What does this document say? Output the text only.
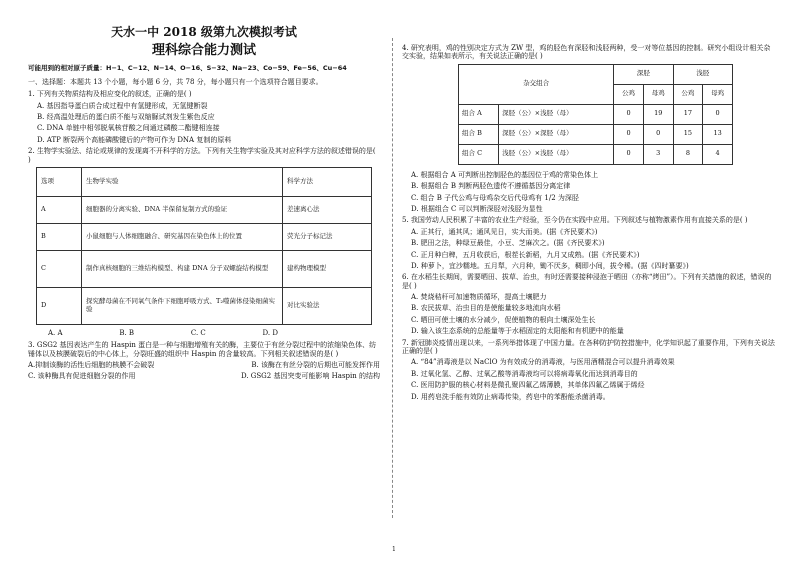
天水一中 2018 级第九次模拟考试
理科综合能力测试
可能用到的相对原子质量：H−1、C−12、N−14、O−16、S−32、Na−23、Co−59、Fe−56、Cu−64

一、选择题：本题共 13 个小题，每小题 6 分，共 78 分，每小题只有一个选项符合题目要求。

1. 下列有关物质结构及相应变化的叙述，正确的是( )

A. 基因指导蛋白质合成过程中有氢键形成，无氢键断裂

B. 经高温处理后的蛋白质不能与双缩脲试剂发生紫色反应

C. DNA 单链中相邻脱氧核苷酸之间通过磷酸二酯键相连接

D. ATP 断裂两个高能磷酸键后的产物可作为 DNA 复制的原料

2. 生物学实验法、结论或规律的发现离不开科学的方法。下列有关生物学实验及其对应科学方法的叙述错误的是( )

选项	生物学实验	科学方法
A	细胞器的分离实验、DNA 半保留复制方式的验证	差速离心法
B	小鼠细胞与人体细胞融合、研究基因在染色体上的位置	荧光分子标记法
C	制作真核细胞的三维结构模型、构建 DNA 分子双螺旋结构模型	建构物理模型
D	探究酵母菌在不同氧气条件下细胞呼吸方式、T₂噬菌体侵染细菌实验	对比实验法
A. A	B. B	C. C	D. D

3. GSG2 基因表达产生的 Haspin 蛋白是一种与细胞增殖有关的酶，主要位于有丝分裂过程中的浓缩染色体、纺锤体以及核膜破裂后的中心体上，分裂旺盛的组织中 Haspin 的含量较高。下列相关叙述错误的是( )

A.抑制该酶的活性后细胞的核膜不会破裂	B. 该酶在有丝分裂的后期也可能发挥作用
C. 该种酶具有促进细胞分裂的作用	D. GSG2 基因突变可能影响 Haspin 的结构

4. 研究表明，鸡的性别决定方式为 ZW 型，鸡的胫色有深胫和浅胫两种，受一对等位基因的控制。研究小组设计相关杂交实验，结果如表所示，有关说法正确的是( )

杂交组合		深胫		浅胫	
		公鸡	母鸡	公鸡	母鸡
组合 A	深胫（公）×浅胫（母）	0	19	17	0
组合 B	深胫（公）×深胫（母）	0	0	15	13
组合 C	浅胫（公）×浅胫（母）	0	3	8	4

A. 根据组合 A 可判断出控制胫色的基因位于鸡的常染色体上

B. 根据组合 B 判断两胫色遗传不遵循基因分离定律

C. 组合 B 子代公鸡与母鸡杂交后代母鸡有 1/2 为深胫

D. 根据组合 C 可以判断深胫对浅胫为显性

5. 我国劳动人民积累了丰富的农业生产经验，至今仍在实践中应用。下列叙述与植物激素作用有直接关系的是( )

A. 正其行，通其风；通风见日，实大而美。(据《齐民要术》)

B. 肥田之法，种绿豆最佳，小豆、芝麻次之。(据《齐民要术》)

C. 正月种白稗，五月收获后，根茬长新稻，九月又成熟。(据《齐民要术》)

D. 种萝卜，宜沙糯地。五月犁，六月种，锄不厌多，稠即小间，拔令稀。(据《四时纂要》)

6. 在水稻生长期间，需要晒田、拔草、治虫，有时还需要接种浸泡于晒田（亦称“烤田”）。下列有关措施的叙述，错误的是( )

A. 焚烧秸秆可加速物质循环，提高土壤肥力

B. 农民拔草、治虫目的是使能量较多地流向水稻

C. 晒田可使土壤的水分减少，促使植物的根向土壤深处生长

D. 输入该生态系统的总能量等于水稻固定的太阳能和有机肥中的能量

7. 新冠肺炎疫情出现以来，一系列举措体现了中国力量。在各种防护防控措施中，化学知识起了重要作用，下列有关说法正确的是( )

A. “84”消毒液是以 NaClO 为有效成分的消毒液，与医用酒精混合可以提升消毒效果

B. 过氧化氢、乙醇、过氧乙酸等消毒液均可以将病毒氧化而达到消毒目的

C. 医用防护服的核心材料是微孔聚四氟乙烯薄膜，其单体四氟乙烯属于烯烃

D. 用药皂洗手能有效防止病毒传染，药皂中的苯酚能杀菌消毒。

1
